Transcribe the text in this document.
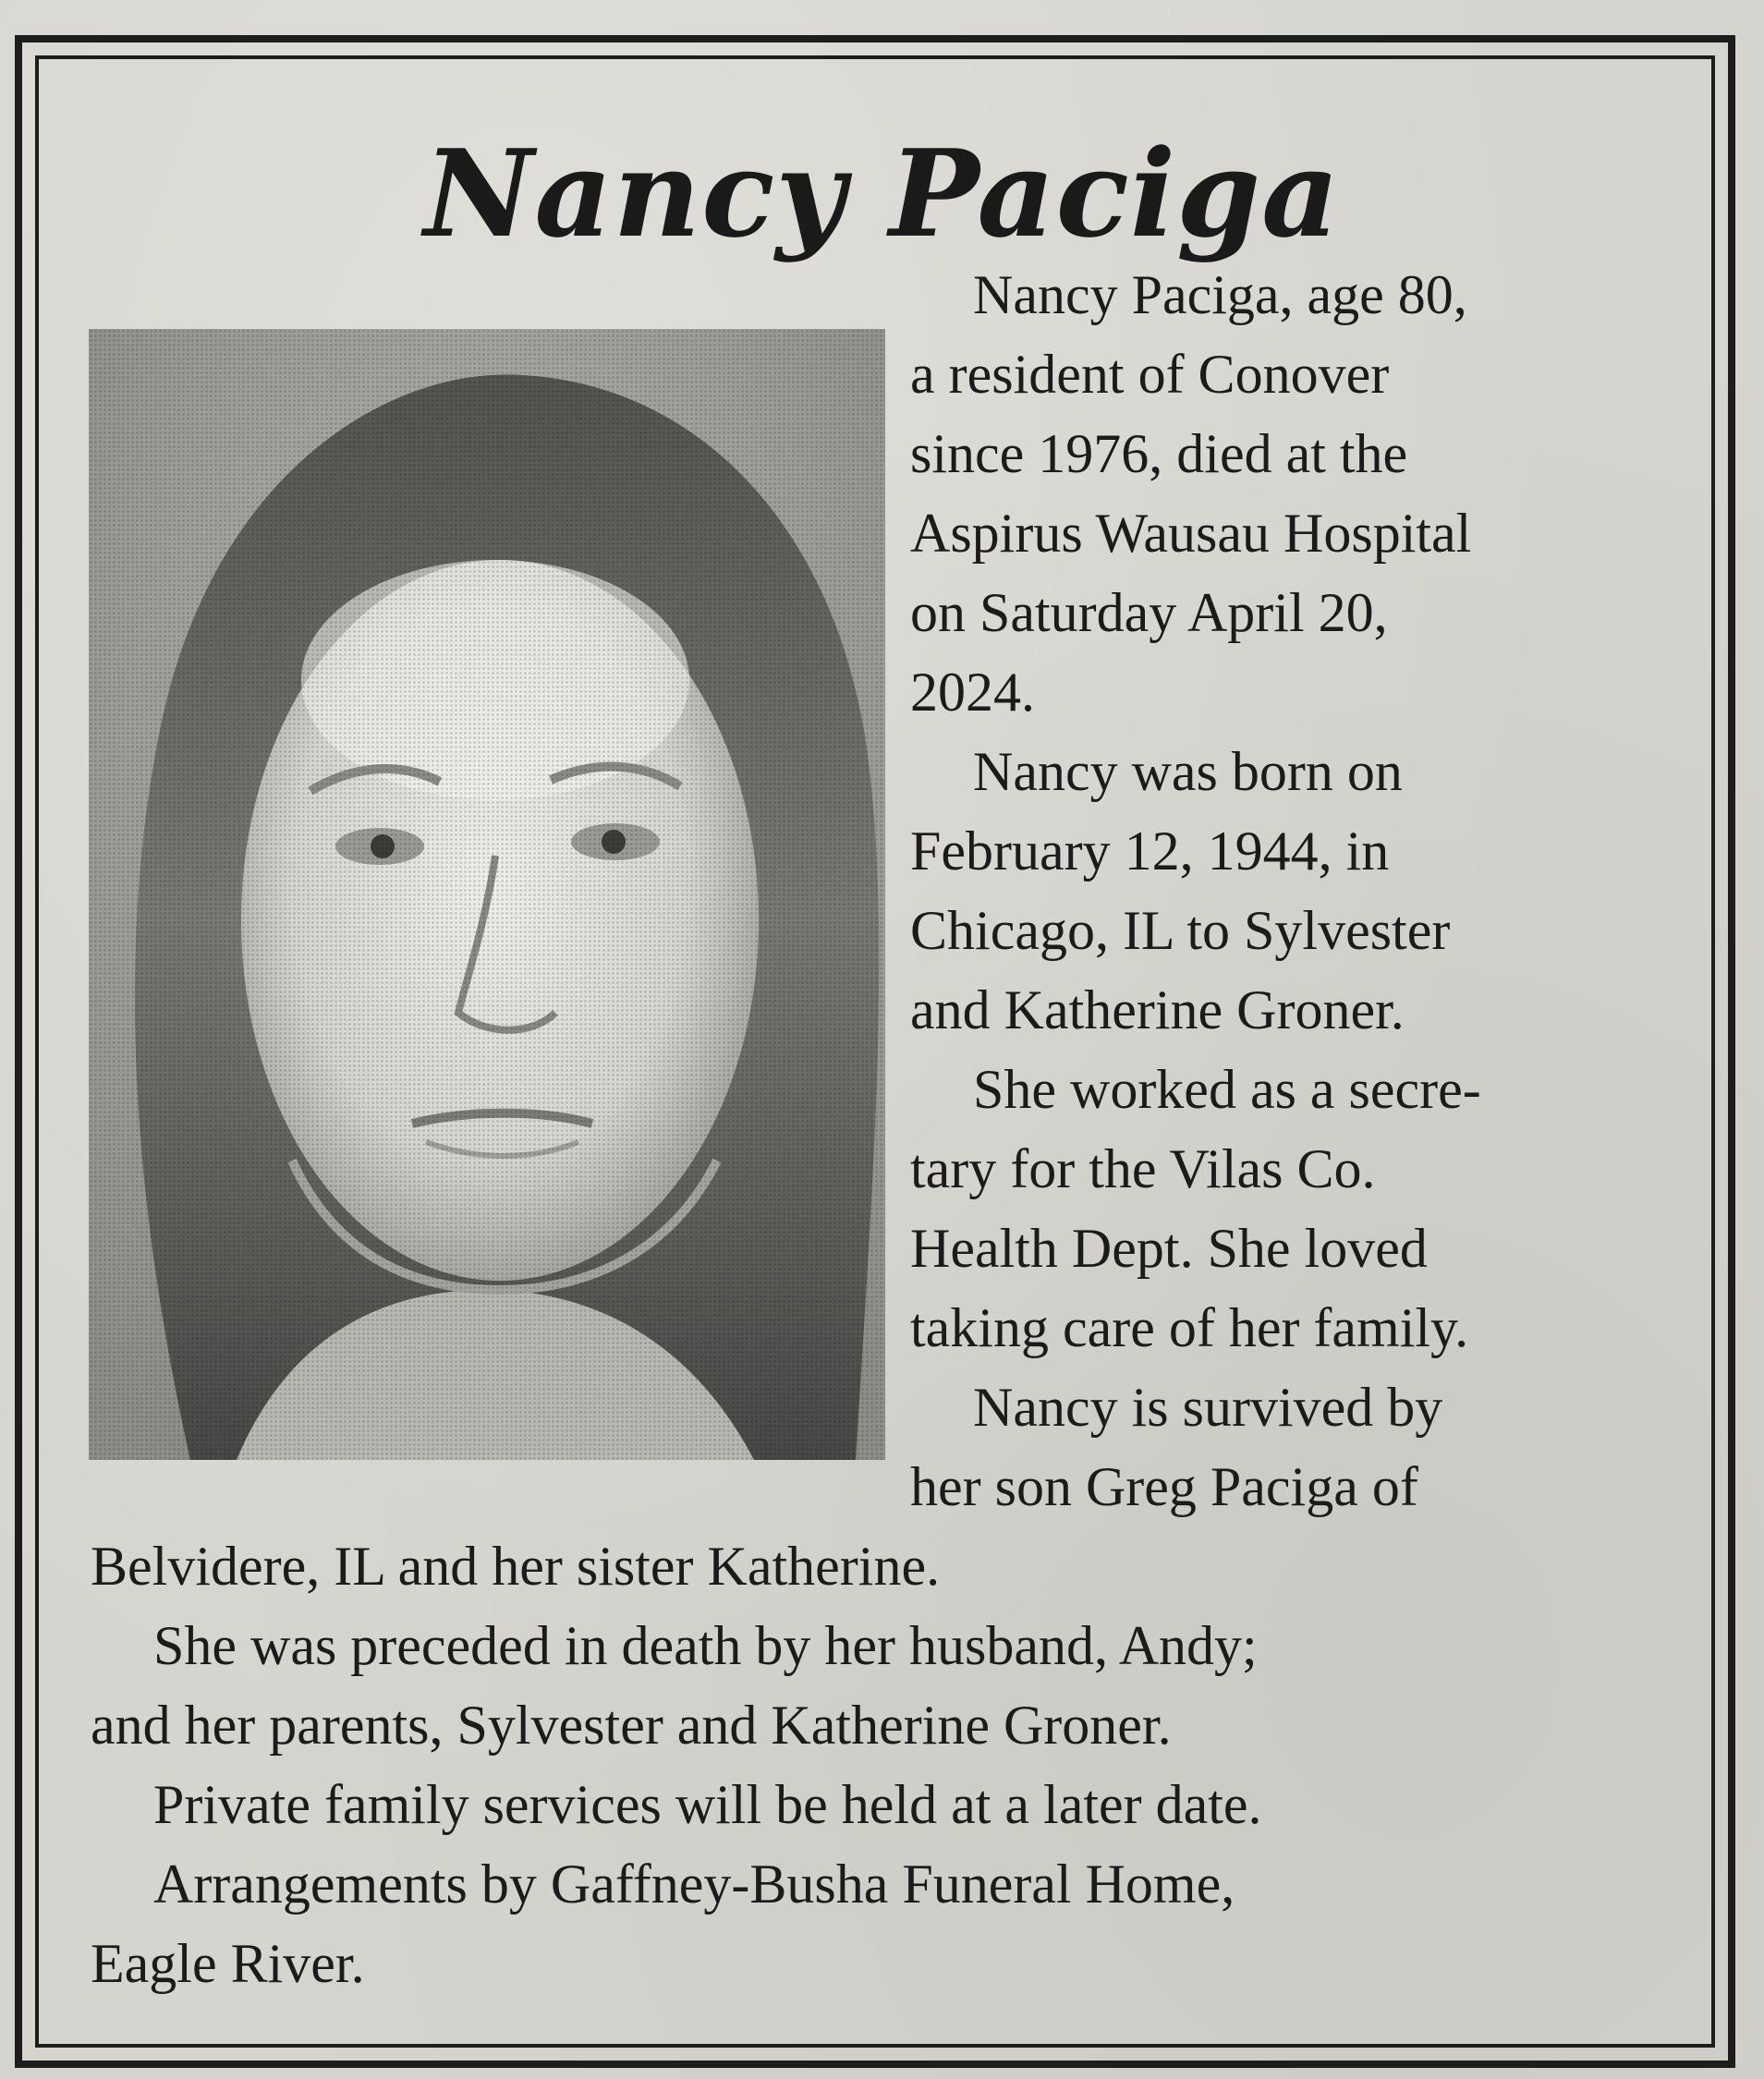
Nancy Paciga
Nancy Paciga, age 80,
a resident of Conover
since 1976, died at the
Aspirus Wausau Hospital
on Saturday April 20,
2024.
Nancy was born on
February 12, 1944, in
Chicago, IL to Sylvester
and Katherine Groner.
She worked as a secre-
tary for the Vilas Co.
Health Dept. She loved
taking care of her family.
Nancy is survived by
her son Greg Paciga of
Belvidere, IL and her sister Katherine.
She was preceded in death by her husband, Andy;
and her parents, Sylvester and Katherine Groner.
Private family services will be held at a later date.
Arrangements by Gaffney-Busha Funeral Home,
Eagle River.
